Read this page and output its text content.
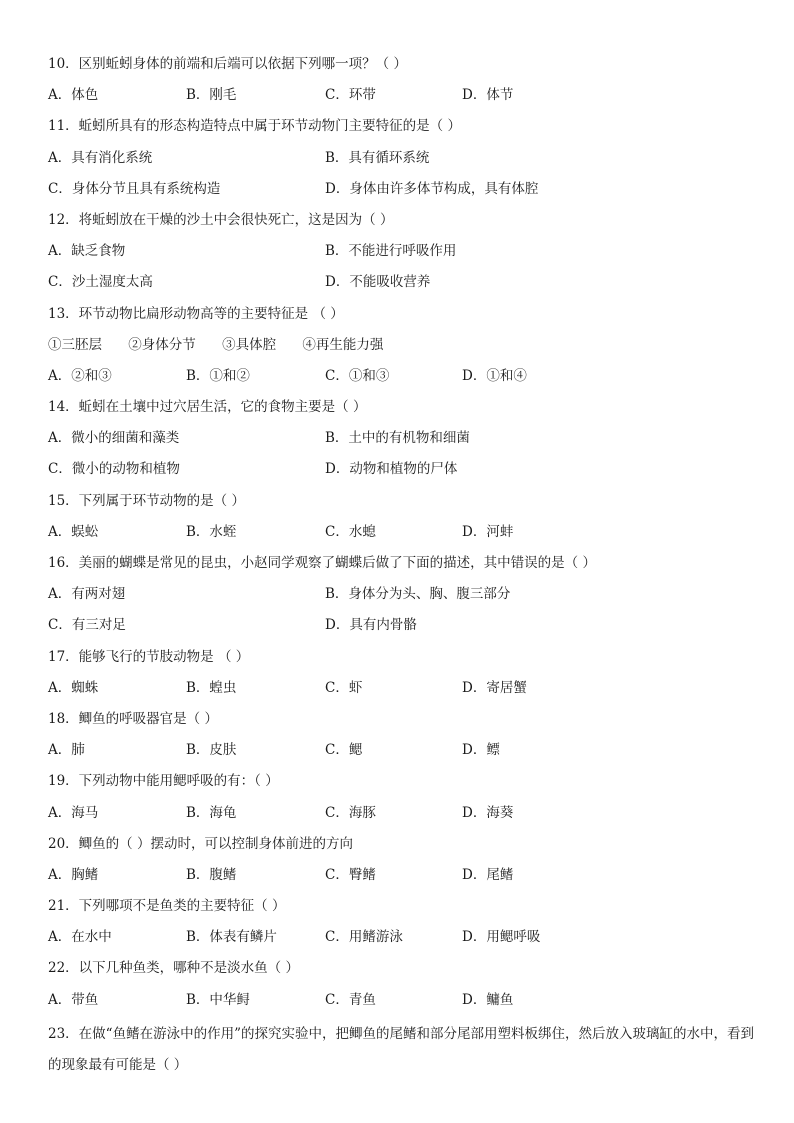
10．区别蚯蚓身体的前端和后端可以依据下列哪一项？（ ）
A．体色	B．刚毛	C．环带	D．体节
11．蚯蚓所具有的形态构造特点中属于环节动物门主要特征的是（ ）
A．具有消化系统	B．具有循环系统
C．身体分节且具有系统构造	D．身体由许多体节构成，具有体腔
12．将蚯蚓放在干燥的沙土中会很快死亡，这是因为（ ）
A．缺乏食物	B．不能进行呼吸作用
C．沙土湿度太高	D．不能吸收营养
13．环节动物比扁形动物高等的主要特征是 （ ）
①三胚层 ②身体分节 ③具体腔 ④再生能力强
A．②和③	B．①和②	C．①和③	D．①和④
14．蚯蚓在土壤中过穴居生活，它的食物主要是（ ）
A．微小的细菌和藻类	B．土中的有机物和细菌
C．微小的动物和植物	D．动物和植物的尸体
15．下列属于环节动物的是（ ）
A．蜈蚣	B．水蛭	C．水螅	D．河蚌
16．美丽的蝴蝶是常见的昆虫，小赵同学观察了蝴蝶后做了下面的描述，其中错误的是（ ）
A．有两对翅	B．身体分为头、胸、腹三部分
C．有三对足	D．具有内骨骼
17．能够飞行的节肢动物是 （ ）
A．蜘蛛	B．蝗虫	C．虾	D．寄居蟹
18．鲫鱼的呼吸器官是（ ）
A．肺	B．皮肤	C．鳃	D．鳔
19．下列动物中能用鳃呼吸的有：（ ）
A．海马	B．海龟	C．海豚	D．海葵
20．鲫鱼的（ ）摆动时，可以控制身体前进的方向
A．胸鳍	B．腹鳍	C．臀鳍	D．尾鳍
21．下列哪项不是鱼类的主要特征（ ）
A．在水中	B．体表有鳞片	C．用鳍游泳	D．用鳃呼吸
22．以下几种鱼类，哪种不是淡水鱼（ ）
A．带鱼	B．中华鲟	C．青鱼	D．鳙鱼
23．在做“鱼鳍在游泳中的作用”的探究实验中，把鲫鱼的尾鳍和部分尾部用塑料板绑住，然后放入玻璃缸的水中，看到的现象最有可能是（ ）
